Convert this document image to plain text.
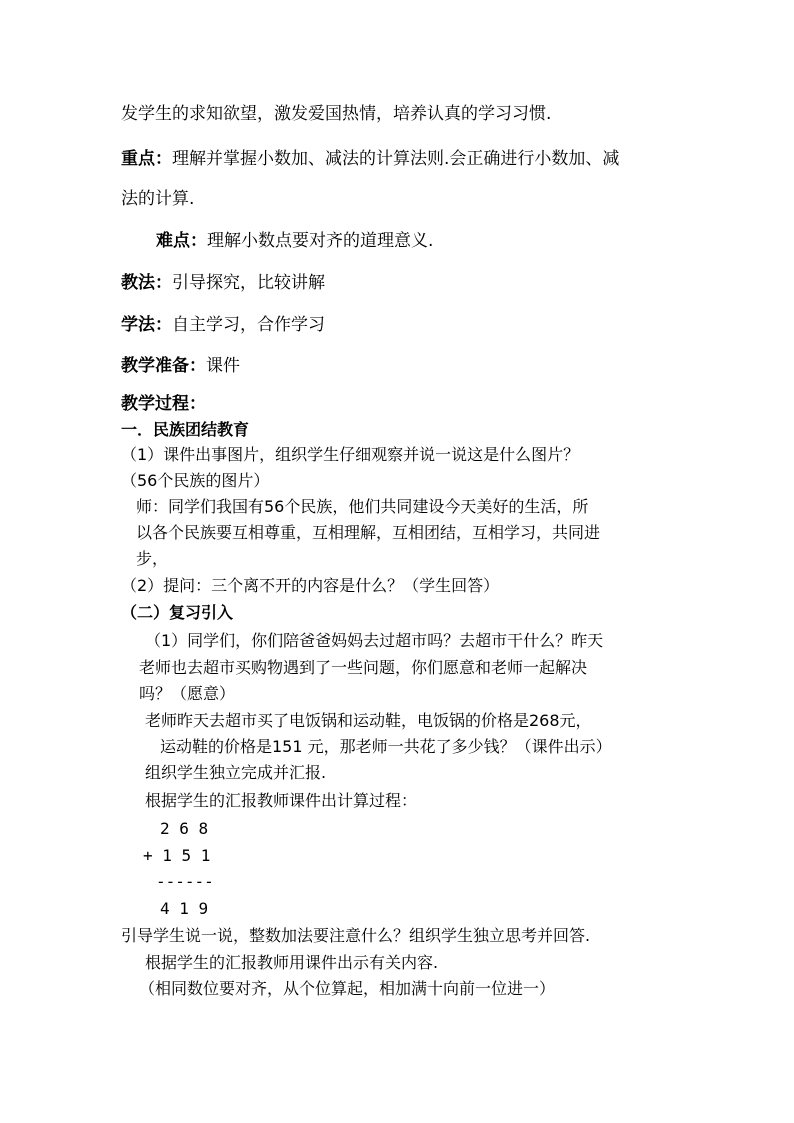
发学生的求知欲望，激发爱国热情，培养认真的学习习惯.
重点：理解并掌握小数加、减法的计算法则.会正确进行小数加、减
法的计算.
难点：理解小数点要对齐的道理意义.
教法：引导探究，比较讲解
学法：自主学习，合作学习
教学准备：课件
教学过程：
一．民族团结教育
（1）课件出事图片，组织学生仔细观察并说一说这是什么图片？
（56个民族的图片）
师：同学们我国有56个民族，他们共同建设今天美好的生活，所
以各个民族要互相尊重，互相理解，互相团结，互相学习，共同进
步，
（2）提问：三个离不开的内容是什么？（学生回答）
（二）复习引入
（1）同学们，你们陪爸爸妈妈去过超市吗？去超市干什么？昨天
老师也去超市买购物遇到了一些问题，你们愿意和老师一起解决
吗？（愿意）
老师昨天去超市买了电饭锅和运动鞋，电饭锅的价格是268元，
运动鞋的价格是151 元，那老师一共花了多少钱？（课件出示）
组织学生独立完成并汇报.
根据学生的汇报教师课件出计算过程：
2 6 8
+ 1 5 1
------
4 1 9
引导学生说一说，整数加法要注意什么？组织学生独立思考并回答.
根据学生的汇报教师用课件出示有关内容.
（相同数位要对齐，从个位算起，相加满十向前一位进一）
